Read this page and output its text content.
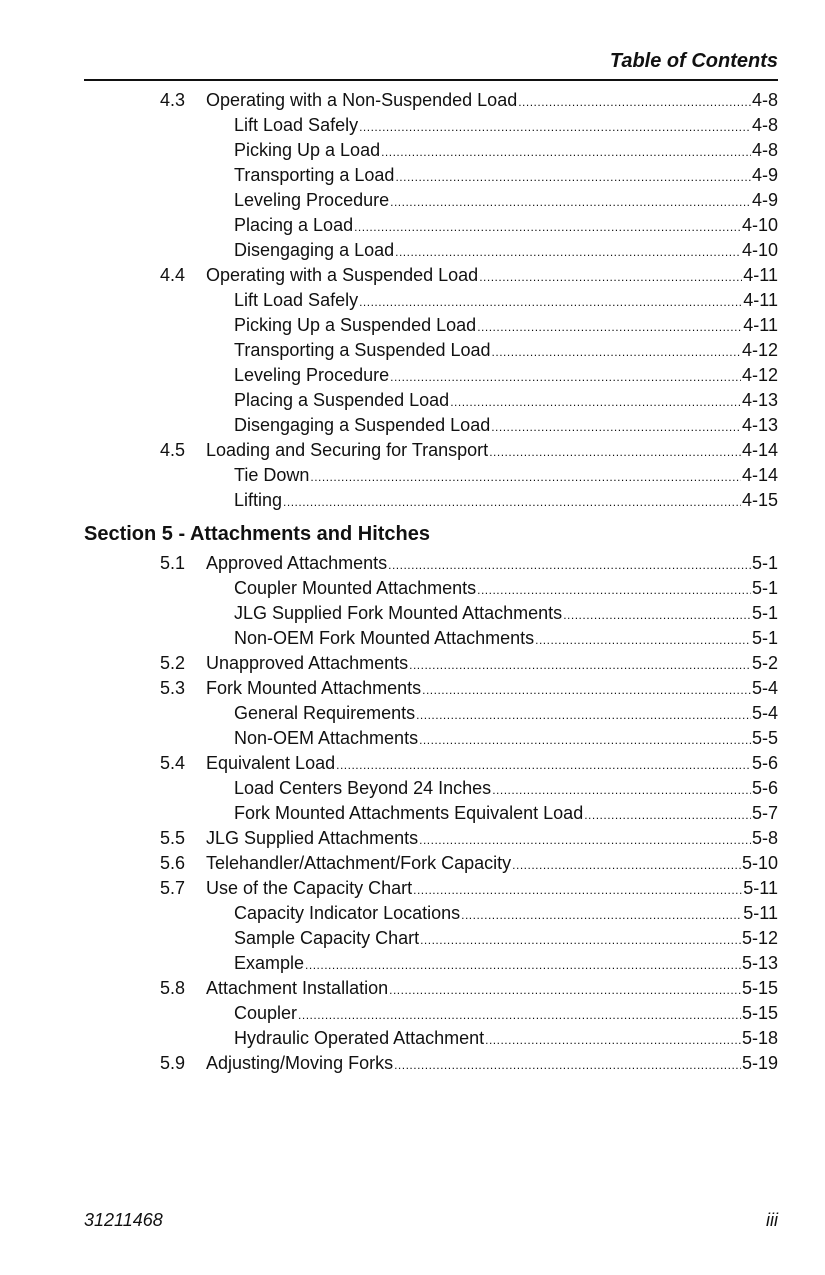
Table of Contents
4.3 Operating with a Non-Suspended Load .....	4-8
Lift Load Safely .....	4-8
Picking Up a Load .....	4-8
Transporting a Load .....	4-9
Leveling Procedure .....	4-9
Placing a Load .....	4-10
Disengaging a Load .....	4-10
4.4 Operating with a Suspended Load .....	4-11
Lift Load Safely .....	4-11
Picking Up a Suspended Load .....	4-11
Transporting a Suspended Load .....	4-12
Leveling Procedure .....	4-12
Placing a Suspended Load .....	4-13
Disengaging a Suspended Load .....	4-13
4.5 Loading and Securing for Transport .....	4-14
Tie Down .....	4-14
Lifting .....	4-15
Section 5 - Attachments and Hitches
5.1 Approved Attachments .....	5-1
Coupler Mounted Attachments .....	5-1
JLG Supplied Fork Mounted Attachments .....	5-1
Non-OEM Fork Mounted Attachments .....	5-1
5.2 Unapproved Attachments .....	5-2
5.3 Fork Mounted Attachments .....	5-4
General Requirements .....	5-4
Non-OEM Attachments .....	5-5
5.4 Equivalent Load .....	5-6
Load Centers Beyond 24 Inches .....	5-6
Fork Mounted Attachments Equivalent Load .....	5-7
5.5 JLG Supplied Attachments .....	5-8
5.6 Telehandler/Attachment/Fork Capacity .....	5-10
5.7 Use of the Capacity Chart .....	5-11
Capacity Indicator Locations .....	5-11
Sample Capacity Chart .....	5-12
Example .....	5-13
5.8 Attachment Installation .....	5-15
Coupler .....	5-15
Hydraulic Operated Attachment .....	5-18
5.9 Adjusting/Moving Forks .....	5-19
31211468	iii
